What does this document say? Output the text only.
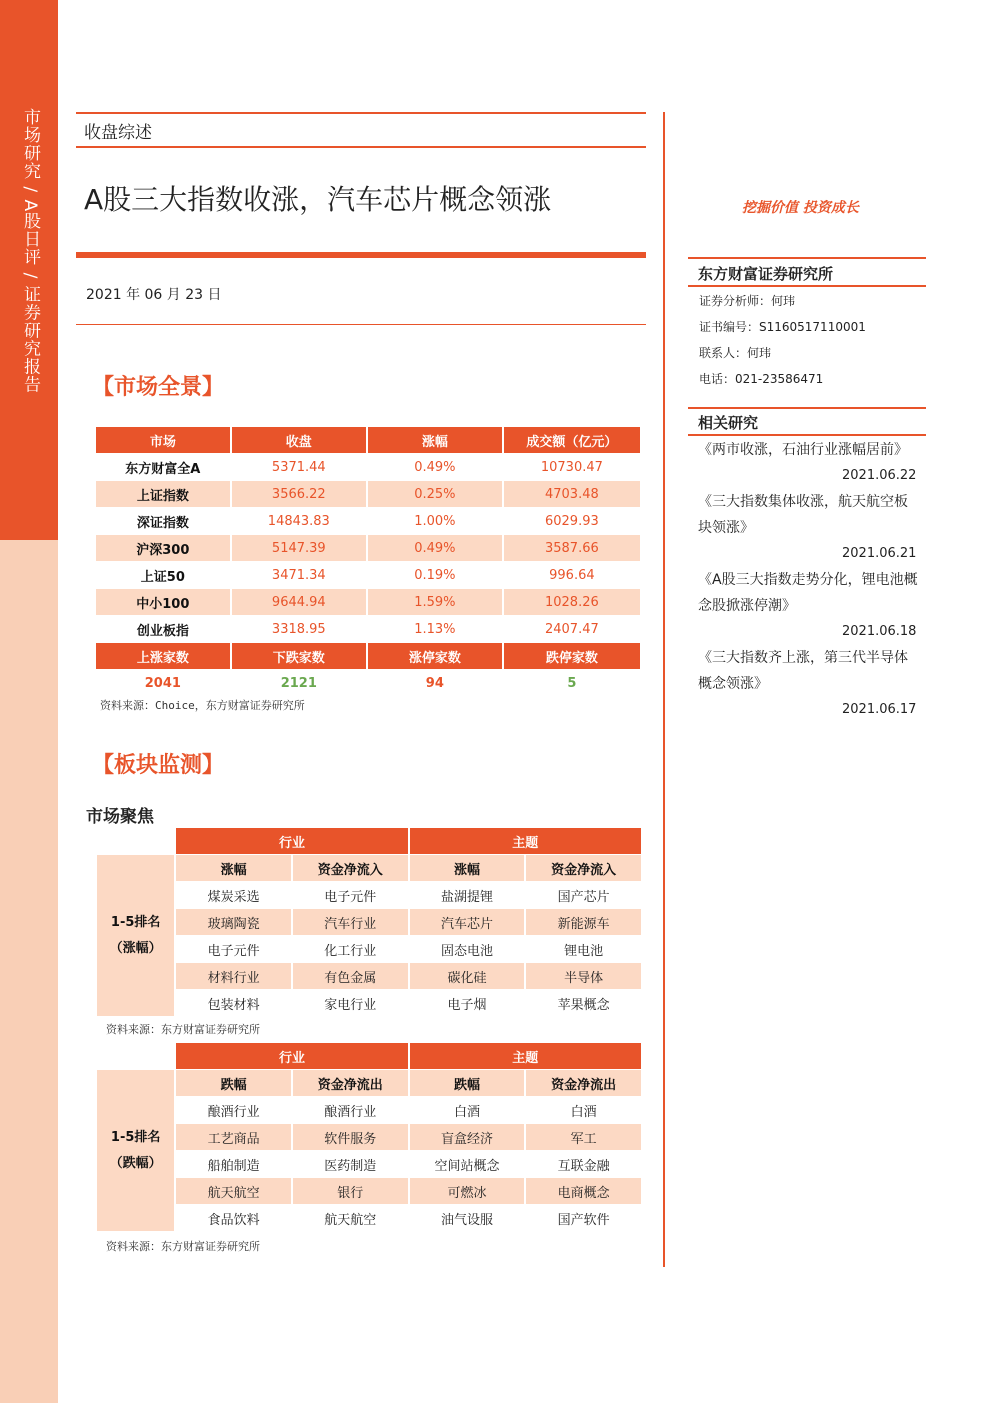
市场研究 / A股日评 / 证券研究报告	收盘综述
A股三大指数收涨，汽车芯片概念领涨
2021 年 06 月 23 日
【市场全景】
市场	收盘	涨幅	成交额（亿元）
东方财富全A	5371.44	0.49%	10730.47
上证指数	3566.22	0.25%	4703.48
深证指数	14843.83	1.00%	6029.93
沪深300	5147.39	0.49%	3587.66
上证50	3471.34	0.19%	996.64
中小100	9644.94	1.59%	1028.26
创业板指	3318.95	1.13%	2407.47
上涨家数	下跌家数	涨停家数	跌停家数
2041	2121	94	5
资料来源：Choice，东方财富证券研究所
【板块监测】
市场聚焦
	行业		主题	

1-5排名
（涨幅）	涨幅	资金净流入	涨幅	资金净流入
	煤炭采选	电子元件	盐湖提锂	国产芯片
	玻璃陶瓷	汽车行业	汽车芯片	新能源车
	电子元件	化工行业	固态电池	锂电池
	材料行业	有色金属	碳化硅	半导体
	包装材料	家电行业	电子烟	苹果概念
资料来源：东方财富证券研究所
	行业		主题	

1-5排名
（跌幅）	跌幅	资金净流出	跌幅	资金净流出
	酿酒行业	酿酒行业	白酒	白酒
	工艺商品	软件服务	盲盒经济	军工
	船舶制造	医药制造	空间站概念	互联金融
	航天航空	银行	可燃冰	电商概念
	食品饮料	航天航空	油气设服	国产软件
资料来源：东方财富证券研究所
挖掘价值 投资成长
东方财富证券研究所
证券分析师：何玮
证书编号：S1160517110001
联系人：何玮
电话：021-23586471
相关研究
《两市收涨，石油行业涨幅居前》
2021.06.22
《三大指数集体收涨，航天航空板块领涨》
2021.06.21
《A股三大指数走势分化，锂电池概念股掀涨停潮》
2021.06.18
《三大指数齐上涨，第三代半导体概念领涨》
2021.06.17
